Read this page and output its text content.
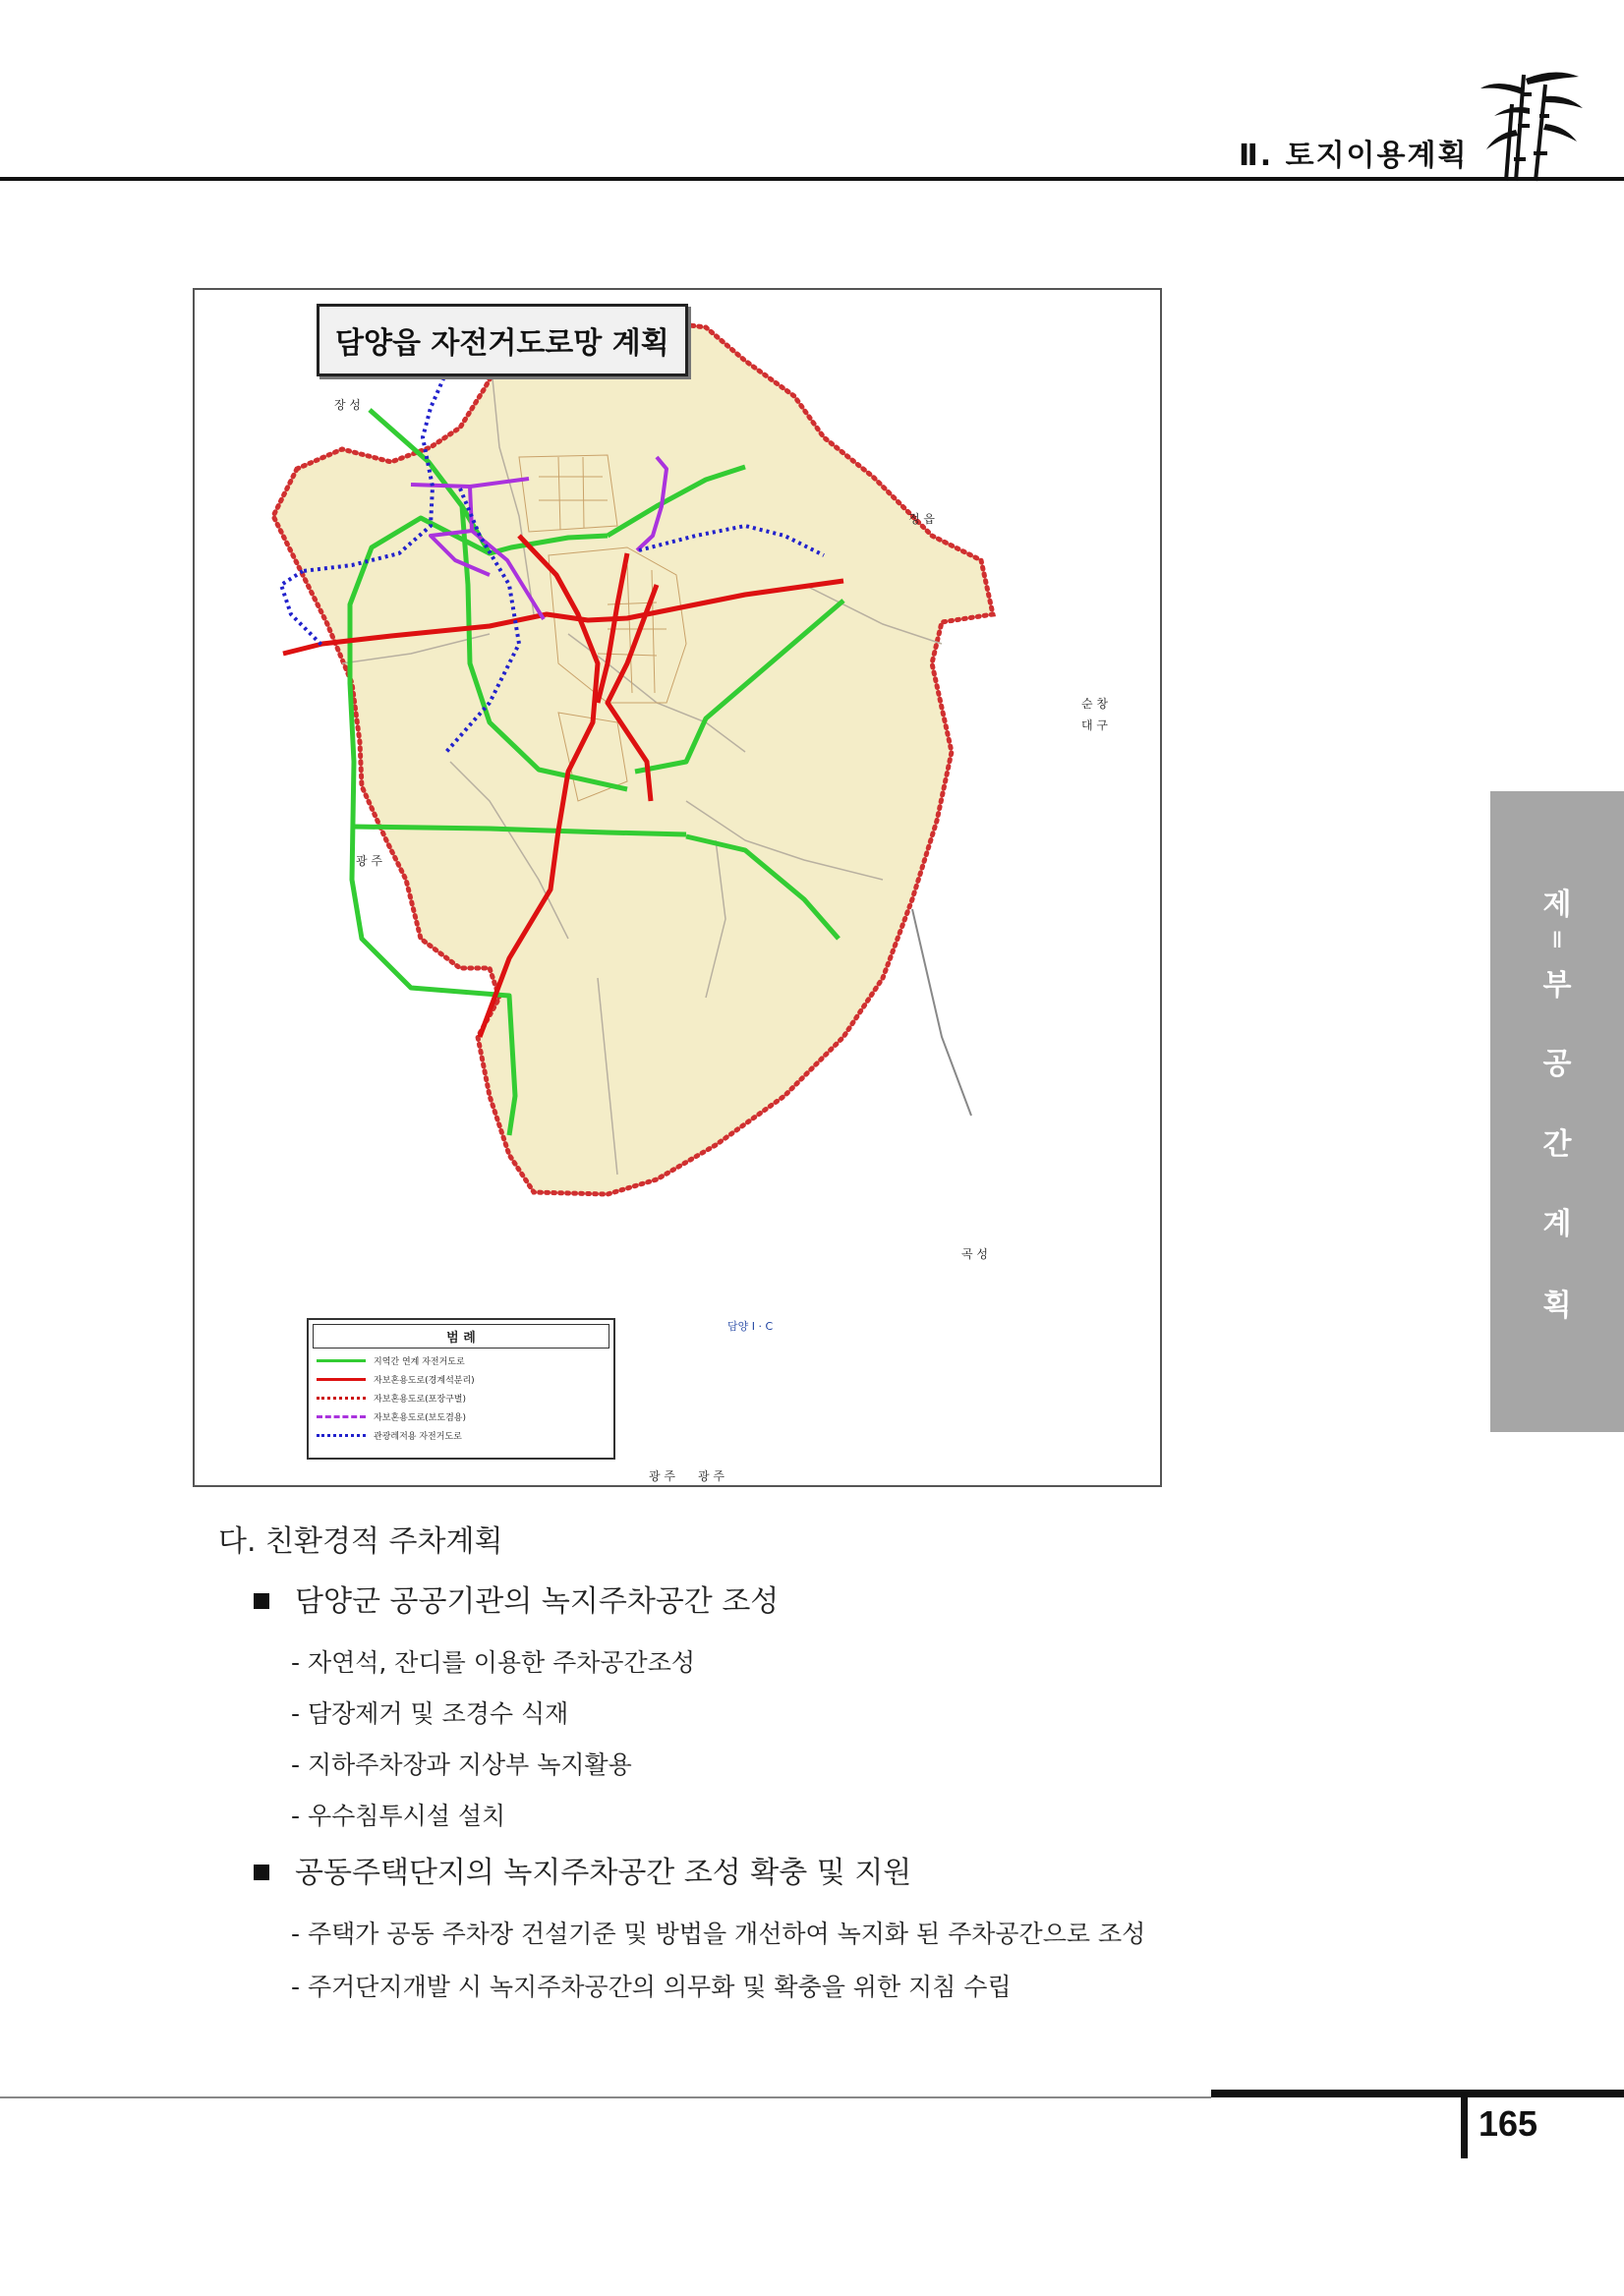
Ⅱ. 토지이용계획
제
Ⅱ
부
공
간
계
획
담양읍 자전거도로망 계획
장 성
정 읍
순 창
대 구
광 주
곡 성
광 주 광 주
담양 I · C
범 례
지역간 연계 자전거도로
자보혼용도로(경계석분리)
자보혼용도로(포장구별)
자보혼용도로(보도겸용)
관광레저용 자전거도로
다. 친환경적 주차계획
담양군 공공기관의 녹지주차공간 조성
- 자연석, 잔디를 이용한 주차공간조성
- 담장제거 및 조경수 식재
- 지하주차장과 지상부 녹지활용
- 우수침투시설 설치
공동주택단지의 녹지주차공간 조성 확충 및 지원
- 주택가 공동 주차장 건설기준 및 방법을 개선하여 녹지화 된 주차공간으로 조성
- 주거단지개발 시 녹지주차공간의 의무화 및 확충을 위한 지침 수립
165
